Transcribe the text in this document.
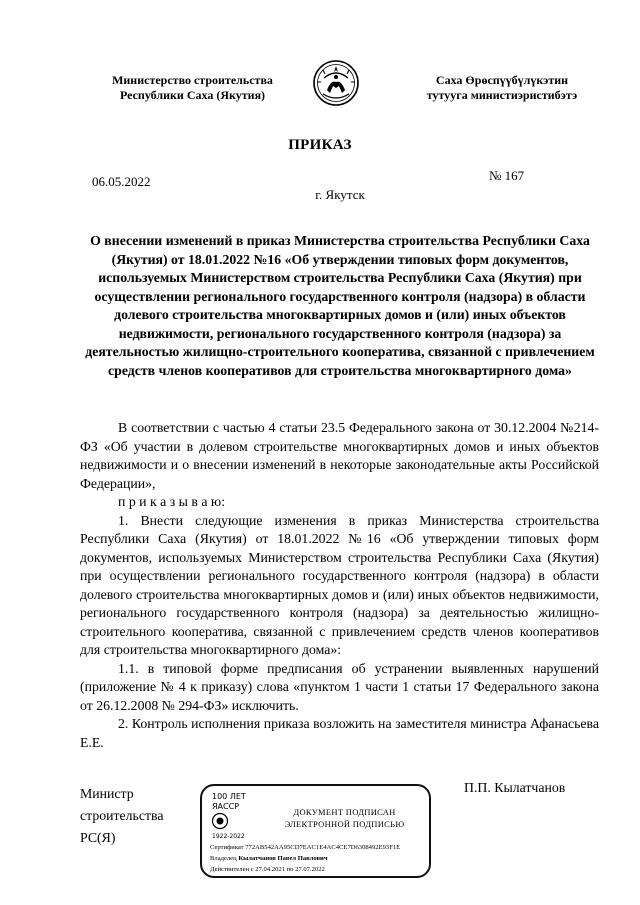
Министерство строительства
Республики Саха (Якутия)
Саха Өрөспүүбүлүкэтин
тутууга министиэристибэтэ
ПРИКАЗ
06.05.2022	№ 167
г. Якутск
О внесении изменений в приказ Министерства строительства Республики Саха (Якутия) от 18.01.2022 №16 «Об утверждении типовых форм документов, используемых Министерством строительства Республики Саха (Якутия) при осуществлении регионального государственного контроля (надзора) в области долевого строительства многоквартирных домов и (или) иных объектов недвижимости, регионального государственного контроля (надзора) за деятельностью жилищно-строительного кооператива, связанной с привлечением средств членов кооперативов для строительства многоквартирного дома»

В соответствии с частью 4 статьи 23.5 Федерального закона от 30.12.2004 №214-ФЗ «Об участии в долевом строительстве многоквартирных домов и иных объектов недвижимости и о внесении изменений в некоторые законодательные акты Российской Федерации»,

п р и к а з ы в а ю:

1. Внести следующие изменения в приказ Министерства строительства Республики Саха (Якутия) от 18.01.2022 №16 «Об утверждении типовых форм документов, используемых Министерством строительства Республики Саха (Якутия) при осуществлении регионального государственного контроля (надзора) в области долевого строительства многоквартирных домов и (или) иных объектов недвижимости, регионального государственного контроля (надзора) за деятельностью жилищно-строительного кооператива, связанной с привлечением средств членов кооперативов для строительства многоквартирного дома»:

1.1. в типовой форме предписания об устранении выявленных нарушений (приложение № 4 к приказу) слова «пунктом 1 части 1 статьи 17 Федерального закона от 26.12.2008 № 294-ФЗ» исключить.

2. Контроль исполнения приказа возложить на заместителя министра Афанасьева Е.Е.

Министр
строительства
РС(Я)
100 ЛЕТ
ЯАССР
1922-2022
ДОКУМЕНТ ПОДПИСАН
ЭЛЕКТРОННОЙ ПОДПИСЬЮ
Сертификат 772AB542AA95CD7EAC1E4AC4CE7D6308492E93F1E
Владелец Кылатчанов Павел Павлович
Действителен с 27.04.2021 по 27.07.2022
П.П. Кылатчанов
